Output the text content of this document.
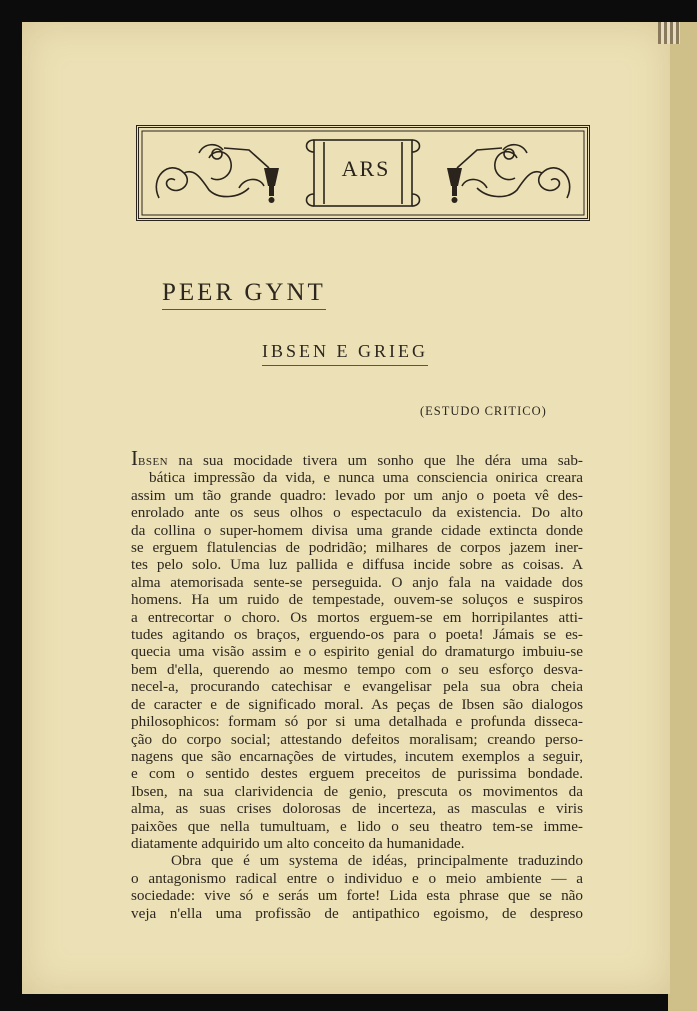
ARS
PEER GYNT
IBSEN E GRIEG
(ESTUDO CRITICO)
Ibsen na sua mocidade tivera um sonho que lhe déra uma sab-
bática impressão da vida, e nunca uma consciencia onirica creara
assim um tão grande quadro: levado por um anjo o poeta vê des-
enrolado ante os seus olhos o espectaculo da existencia. Do alto
da collina o super-homem divisa uma grande cidade extincta donde
se erguem flatulencias de podridão; milhares de corpos jazem iner-
tes pelo solo. Uma luz pallida e diffusa incide sobre as coisas. A
alma atemorisada sente-se perseguida. O anjo fala na vaidade dos
homens. Ha um ruido de tempestade, ouvem-se soluços e suspiros
a entrecortar o choro. Os mortos erguem-se em horripilantes atti-
tudes agitando os braços, erguendo-os para o poeta! Jámais se es-
quecia uma visão assim e o espirito genial do dramaturgo imbuiu-se
bem d'ella, querendo ao mesmo tempo com o seu esforço desva-
necel-a, procurando catechisar e evangelisar pela sua obra cheia
de caracter e de significado moral. As peças de Ibsen são dialogos
philosophicos: formam só por si uma detalhada e profunda disseca-
ção do corpo social; attestando defeitos moralisam; creando perso-
nagens que são encarnações de virtudes, incutem exemplos a seguir,
e com o sentido destes erguem preceitos de purissima bondade.
Ibsen, na sua clarividencia de genio, prescuta os movimentos da
alma, as suas crises dolorosas de incerteza, as masculas e viris
paixões que nella tumultuam, e lido o seu theatro tem-se imme-
diatamente adquirido um alto conceito da humanidade.
Obra que é um systema de idéas, principalmente traduzindo
o antagonismo radical entre o individuo e o meio ambiente — a
sociedade: vive só e serás um forte! Lida esta phrase que se não
veja n'ella uma profissão de antipathico egoismo, de despreso
